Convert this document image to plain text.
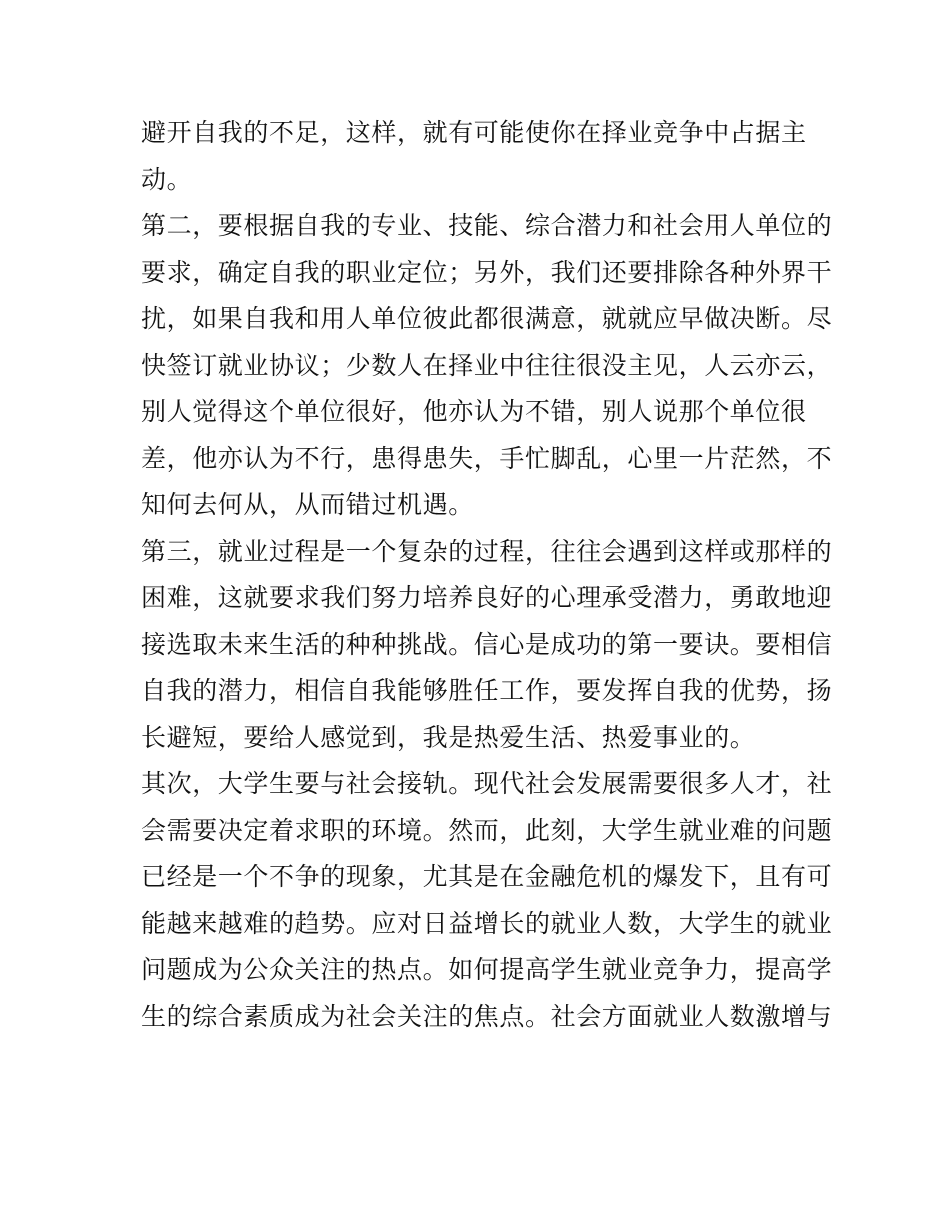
避开自我的不足，这样，就有可能使你在择业竞争中占据主
动。
第二，要根据自我的专业、技能、综合潜力和社会用人单位的
要求，确定自我的职业定位；另外，我们还要排除各种外界干
扰，如果自我和用人单位彼此都很满意，就就应早做决断。尽
快签订就业协议；少数人在择业中往往很没主见，人云亦云，
别人觉得这个单位很好，他亦认为不错，别人说那个单位很
差，他亦认为不行，患得患失，手忙脚乱，心里一片茫然，不
知何去何从，从而错过机遇。
第三，就业过程是一个复杂的过程，往往会遇到这样或那样的
困难，这就要求我们努力培养良好的心理承受潜力，勇敢地迎
接选取未来生活的种种挑战。信心是成功的第一要诀。要相信
自我的潜力，相信自我能够胜任工作，要发挥自我的优势，扬
长避短，要给人感觉到，我是热爱生活、热爱事业的。
其次，大学生要与社会接轨。现代社会发展需要很多人才，社
会需要决定着求职的环境。然而，此刻，大学生就业难的问题
已经是一个不争的现象，尤其是在金融危机的爆发下，且有可
能越来越难的趋势。应对日益增长的就业人数，大学生的就业
问题成为公众关注的热点。如何提高学生就业竞争力，提高学
生的综合素质成为社会关注的焦点。社会方面就业人数激增与
